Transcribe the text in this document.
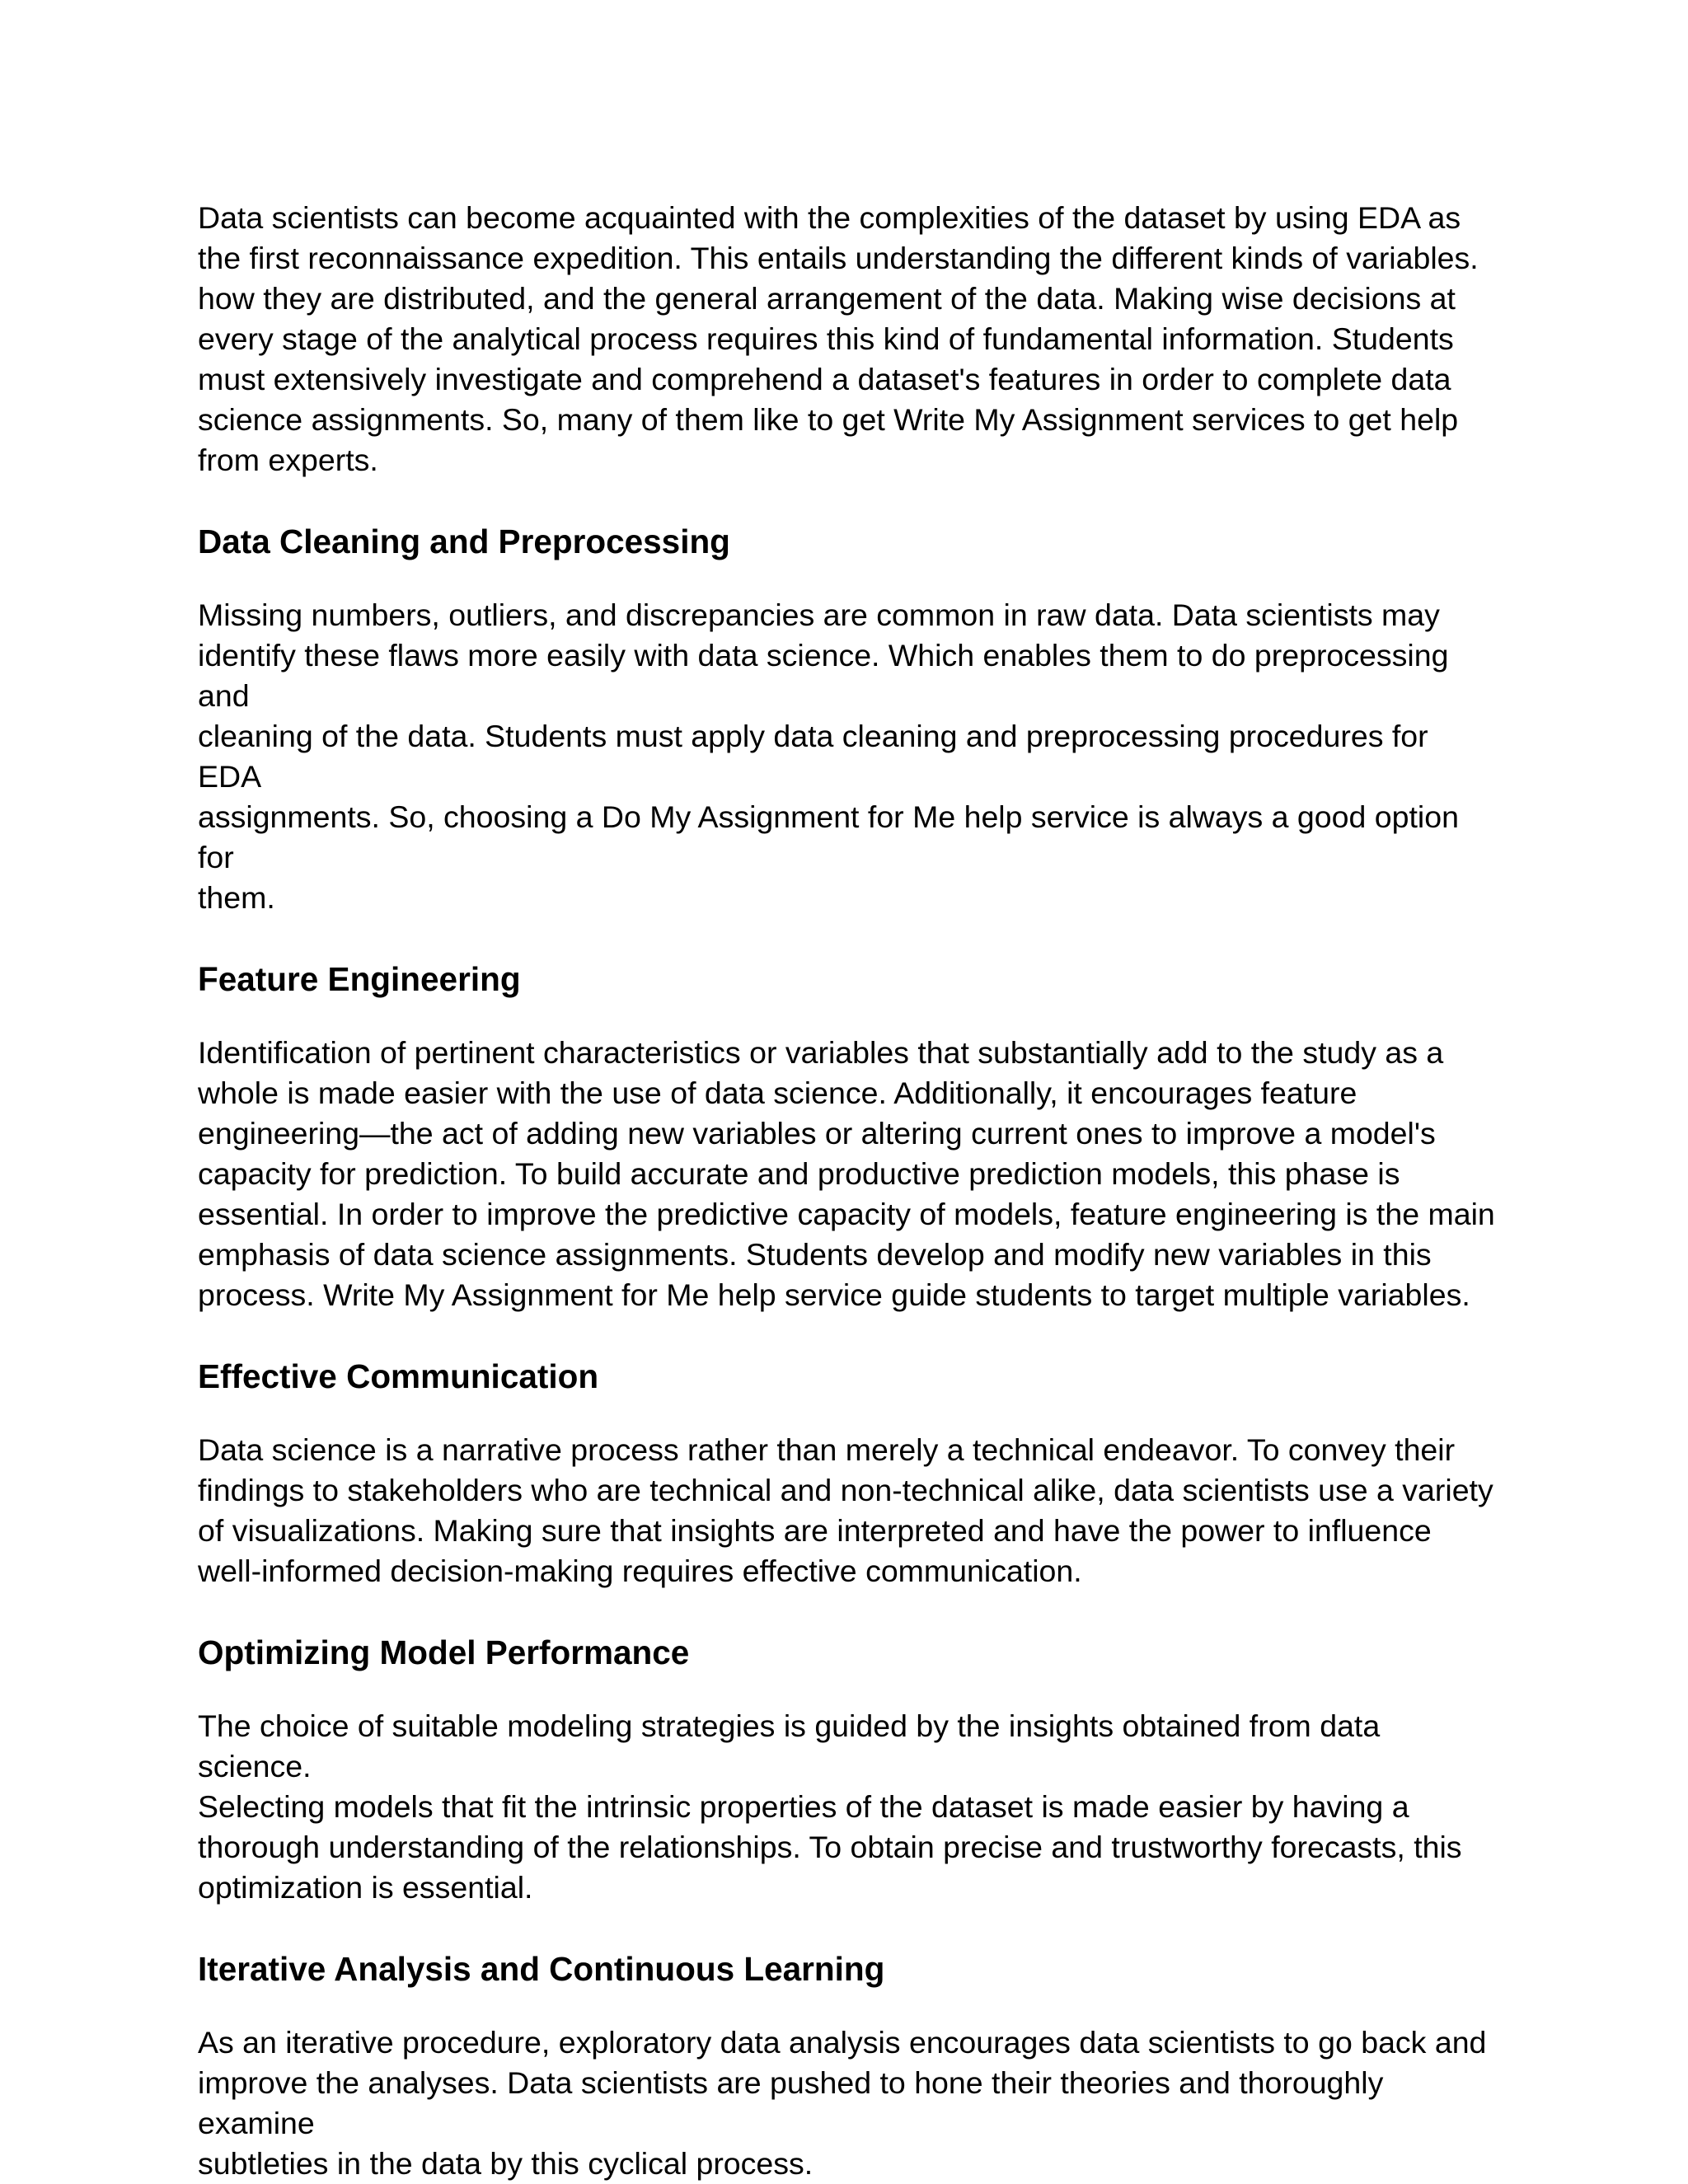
Data scientists can become acquainted with the complexities of the dataset by using EDA as
the first reconnaissance expedition. This entails understanding the different kinds of variables.
how they are distributed, and the general arrangement of the data. Making wise decisions at
every stage of the analytical process requires this kind of fundamental information. Students
must extensively investigate and comprehend a dataset's features in order to complete data
science assignments. So, many of them like to get Write My Assignment services to get help
from experts.

Data Cleaning and Preprocessing

Missing numbers, outliers, and discrepancies are common in raw data. Data scientists may
identify these flaws more easily with data science. Which enables them to do preprocessing and
cleaning of the data. Students must apply data cleaning and preprocessing procedures for EDA
assignments. So, choosing a Do My Assignment for Me help service is always a good option for
them.

Feature Engineering

Identification of pertinent characteristics or variables that substantially add to the study as a
whole is made easier with the use of data science. Additionally, it encourages feature
engineering—the act of adding new variables or altering current ones to improve a model's
capacity for prediction. To build accurate and productive prediction models, this phase is
essential. In order to improve the predictive capacity of models, feature engineering is the main
emphasis of data science assignments. Students develop and modify new variables in this
process. Write My Assignment for Me help service guide students to target multiple variables.

Effective Communication

Data science is a narrative process rather than merely a technical endeavor. To convey their
findings to stakeholders who are technical and non-technical alike, data scientists use a variety
of visualizations. Making sure that insights are interpreted and have the power to influence
well-informed decision-making requires effective communication.

Optimizing Model Performance

The choice of suitable modeling strategies is guided by the insights obtained from data science.
Selecting models that fit the intrinsic properties of the dataset is made easier by having a
thorough understanding of the relationships. To obtain precise and trustworthy forecasts, this
optimization is essential.

Iterative Analysis and Continuous Learning

As an iterative procedure, exploratory data analysis encourages data scientists to go back and
improve the analyses. Data scientists are pushed to hone their theories and thoroughly examine
subtleties in the data by this cyclical process.
